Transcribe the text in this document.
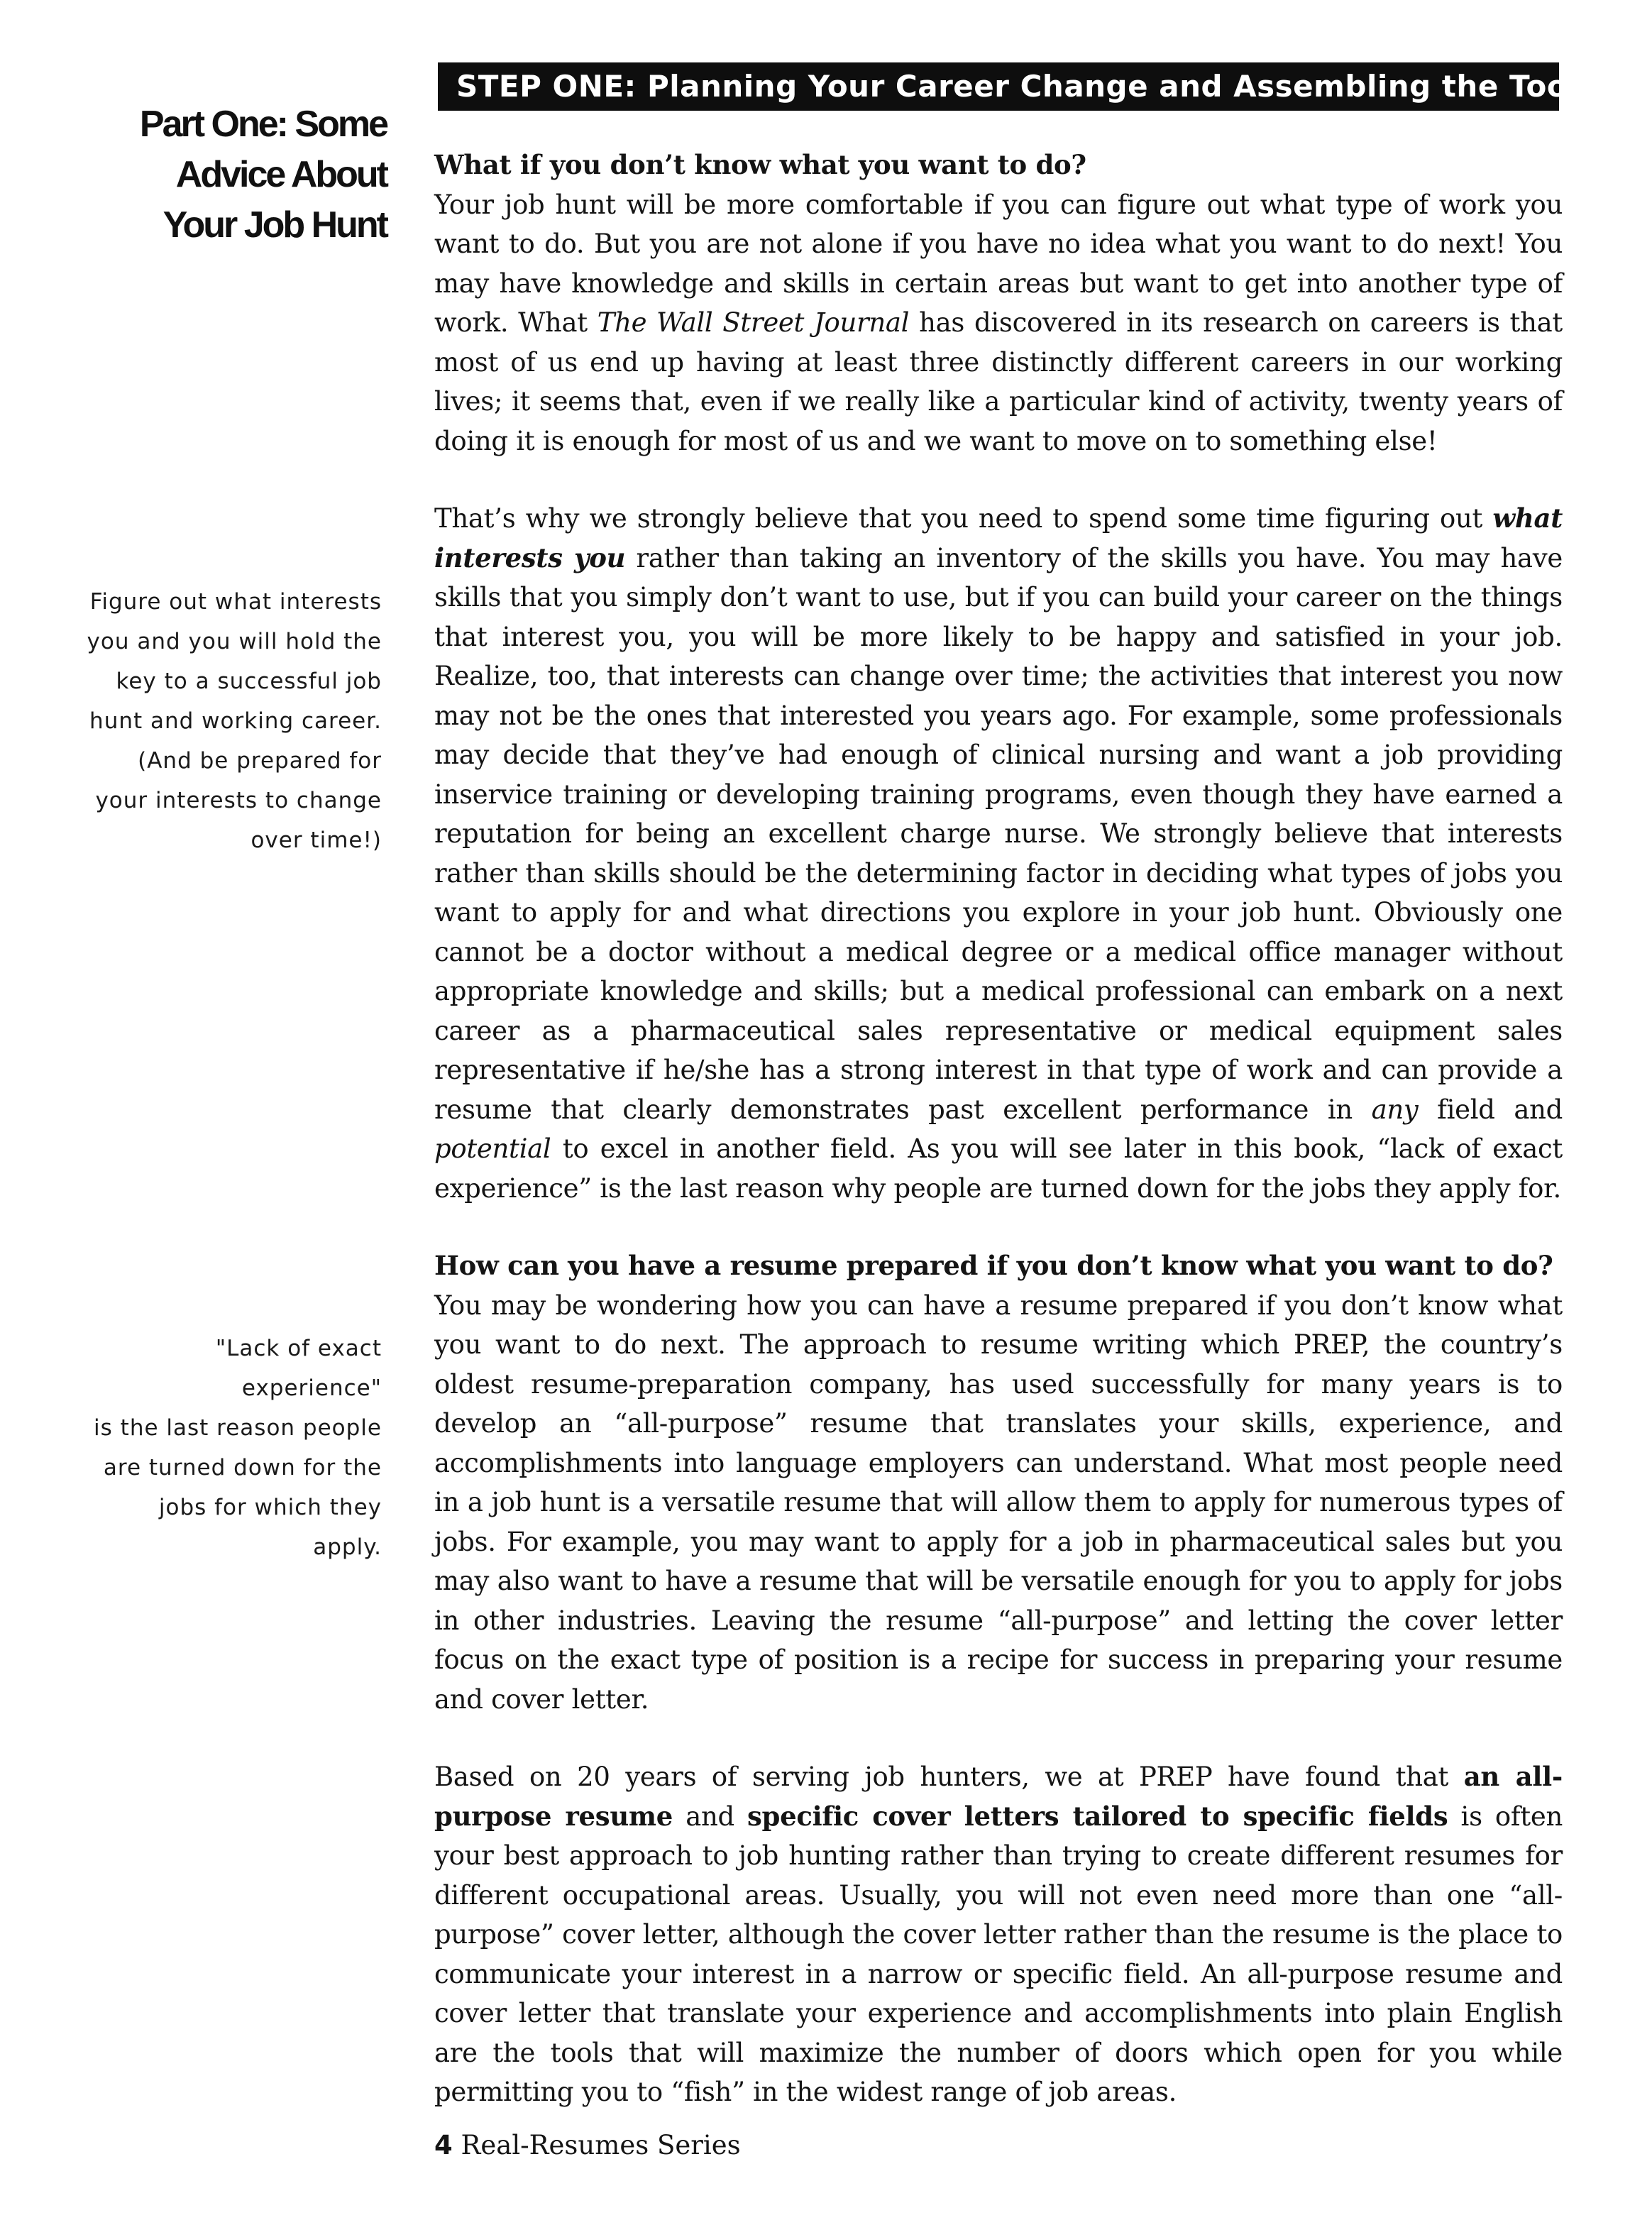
Part One: Some
Advice About
Your Job Hunt
Figure out what interests
you and you will hold the
key to a successful job
hunt and working career.
(And be prepared for
your interests to change
over time!)
"Lack of exact
experience"
is the last reason people
are turned down for the
jobs for which they
apply.
STEP ONE: Planning Your Career Change and Assembling the Tools

What if you don’t know what you want to do?
Your job hunt will be more comfortable if you can figure out what type of work you want to do. But you are not alone if you have no idea what you want to do next! You may have knowledge and skills in certain areas but want to get into another type of work. What The Wall Street Journal has discovered in its research on careers is that most of us end up having at least three distinctly different careers in our working lives; it seems that, even if we really like a particular kind of activity, twenty years of doing it is enough for most of us and we want to move on to something else!

That’s why we strongly believe that you need to spend some time figuring out what interests you rather than taking an inventory of the skills you have. You may have skills that you simply don’t want to use, but if you can build your career on the things that interest you, you will be more likely to be happy and satisfied in your job. Realize, too, that interests can change over time; the activities that interest you now may not be the ones that interested you years ago. For example, some professionals may decide that they’ve had enough of clinical nursing and want a job providing inservice training or developing training programs, even though they have earned a reputation for being an excellent charge nurse. We strongly believe that interests rather than skills should be the determining factor in deciding what types of jobs you want to apply for and what directions you explore in your job hunt. Obviously one cannot be a doctor without a medical degree or a medical office manager without appropriate knowledge and skills; but a medical professional can embark on a next career as a pharmaceutical sales representative or medical equipment sales representative if he/she has a strong interest in that type of work and can provide a resume that clearly demonstrates past excellent performance in any field and potential to excel in another field. As you will see later in this book, “lack of exact experience” is the last reason why people are turned down for the jobs they apply for.

How can you have a resume prepared if you don’t know what you want to do?
You may be wondering how you can have a resume prepared if you don’t know what you want to do next. The approach to resume writing which PREP, the country’s oldest resume-preparation company, has used successfully for many years is to develop an “all-purpose” resume that translates your skills, experience, and accomplishments into language employers can understand. What most people need in a job hunt is a versatile resume that will allow them to apply for numerous types of jobs. For example, you may want to apply for a job in pharmaceutical sales but you may also want to have a resume that will be versatile enough for you to apply for jobs in other industries. Leaving the resume “all-purpose” and letting the cover letter focus on the exact type of position is a recipe for success in preparing your resume and cover letter.

Based on 20 years of serving job hunters, we at PREP have found that an all-purpose resume and specific cover letters tailored to specific fields is often your best approach to job hunting rather than trying to create different resumes for different occupational areas. Usually, you will not even need more than one “all-purpose” cover letter, although the cover letter rather than the resume is the place to communicate your interest in a narrow or specific field. An all-purpose resume and cover letter that translate your experience and accomplishments into plain English are the tools that will maximize the number of doors which open for you while permitting you to “fish” in the widest range of job areas.

4 Real-Resumes Series
